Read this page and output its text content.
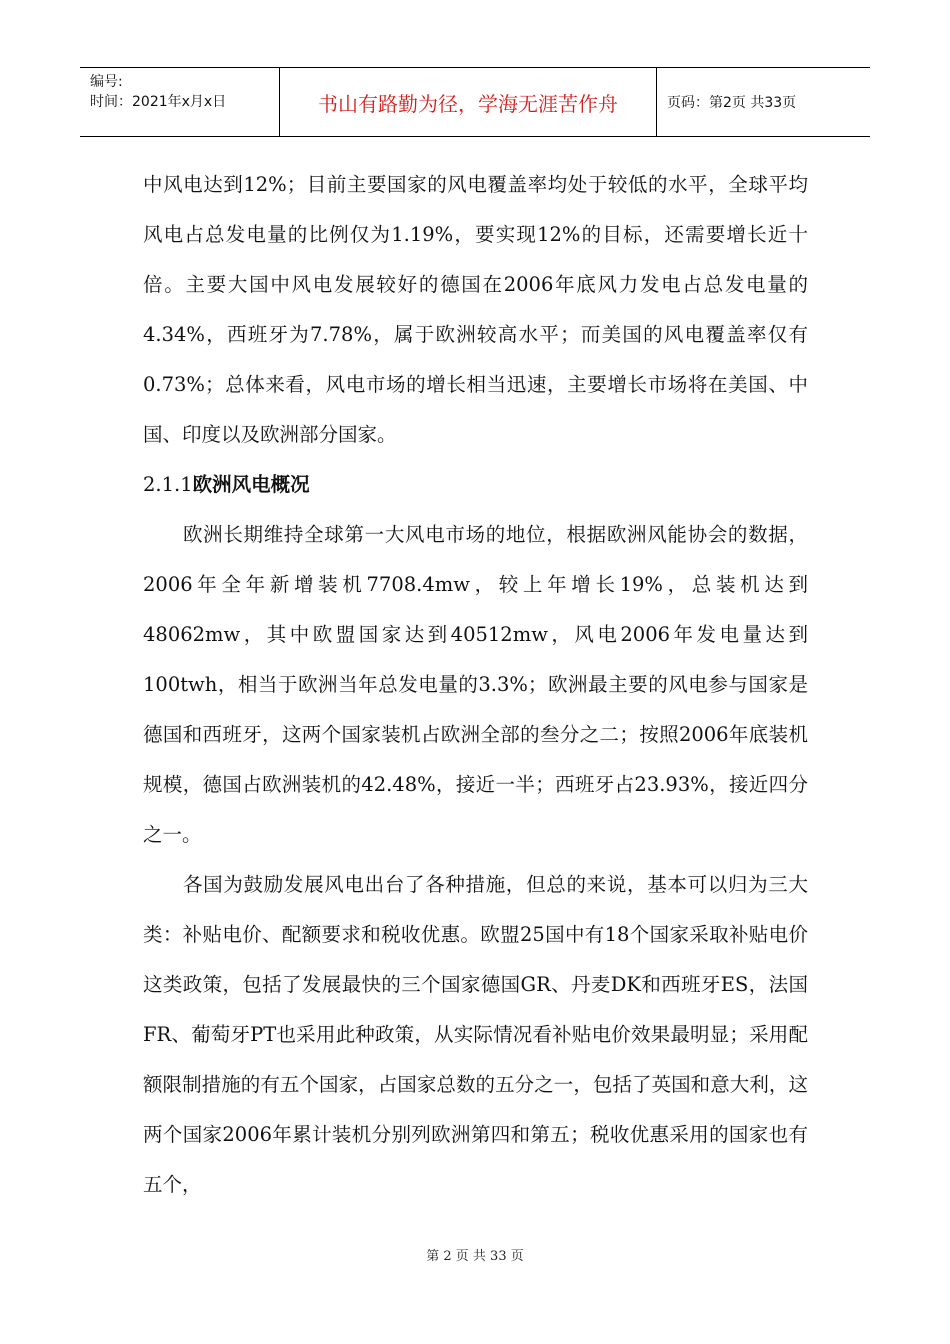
编号:
时间：2021年x月x日	书山有路勤为径，学海无涯苦作舟	页码：第2页 共33页

中风电达到12%；目前主要国家的风电覆盖率均处于较低的水平，全球平均风电占总发电量的比例仅为1.19%，要实现12%的目标，还需要增长近十倍。主要大国中风电发展较好的德国在2006年底风力发电占总发电量的4.34%，西班牙为7.78%，属于欧洲较高水平；而美国的风电覆盖率仅有0.73%；总体来看，风电市场的增长相当迅速，主要增长市场将在美国、中国、印度以及欧洲部分国家。

2.1.1欧洲风电概况

欧洲长期维持全球第一大风电市场的地位，根据欧洲风能协会的数据，2006年全年新增装机7708.4mw，较上年增长19%，总装机达到48062mw，其中欧盟国家达到40512mw，风电2006年发电量达到100twh，相当于欧洲当年总发电量的3.3%；欧洲最主要的风电参与国家是德国和西班牙，这两个国家装机占欧洲全部的叁分之二；按照2006年底装机规模，德国占欧洲装机的42.48%，接近一半；西班牙占23.93%，接近四分之一。

各国为鼓励发展风电出台了各种措施，但总的来说，基本可以归为三大类：补贴电价、配额要求和税收优惠。欧盟25国中有18个国家采取补贴电价这类政策，包括了发展最快的三个国家德国GR、丹麦DK和西班牙ES，法国FR、葡萄牙PT也采用此种政策，从实际情况看补贴电价效果最明显；采用配额限制措施的有五个国家，占国家总数的五分之一，包括了英国和意大利，这两个国家2006年累计装机分别列欧洲第四和第五；税收优惠采用的国家也有五个，

第 2 页 共 33 页
